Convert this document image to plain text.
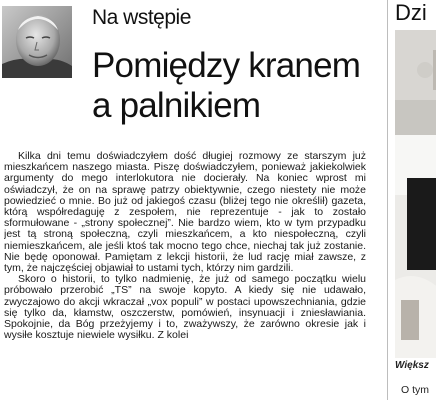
Na wstępie
Pomiędzy kranem
a palnikiem

Kilka dni temu doświadczyłem dość długiej rozmowy ze starszym już mieszkańcem naszego miasta. Piszę doświadczyłem, ponieważ jakiekolwiek argumenty do mego interlokutora nie docierały. Na koniec wprost mi oświadczył, że on na sprawę patrzy obiektywnie, czego niestety nie może powiedzieć o mnie. Bo już od jakiegoś czasu (bliżej tego nie określił) gazeta, którą współredaguję z zespołem, nie reprezentuje - jak to zostało sformułowane - „strony społecznej”. Nie bardzo wiem, kto w tym przypadku jest tą stroną społeczną, czyli mieszkańcem, a kto niespołeczną, czyli niemieszkańcem, ale jeśli ktoś tak mocno tego chce, niechaj tak już zostanie. Nie będę oponował. Pamiętam z lekcji historii, że lud rację miał zawsze, z tym, że najczęściej objawiał to ustami tych, którzy nim gardzili.

Skoro o historii, to tylko nadmienię, że już od samego początku wielu próbowało przerobić „TS” na swoje kopyto. A kiedy się nie udawało, zwyczajowo do akcji wkraczał „vox populi” w postaci upowszechniania, gdzie się tylko da, kłamstw, oszczerstw, pomówień, insynuacji i zniesławiania. Spokojnie, da Bóg przeżyjemy i to, zważywszy, że zarówno okresie jak i wysiłe kosztuje niewiele wysiłku. Z kolei

Dzi
Większ
O tym
